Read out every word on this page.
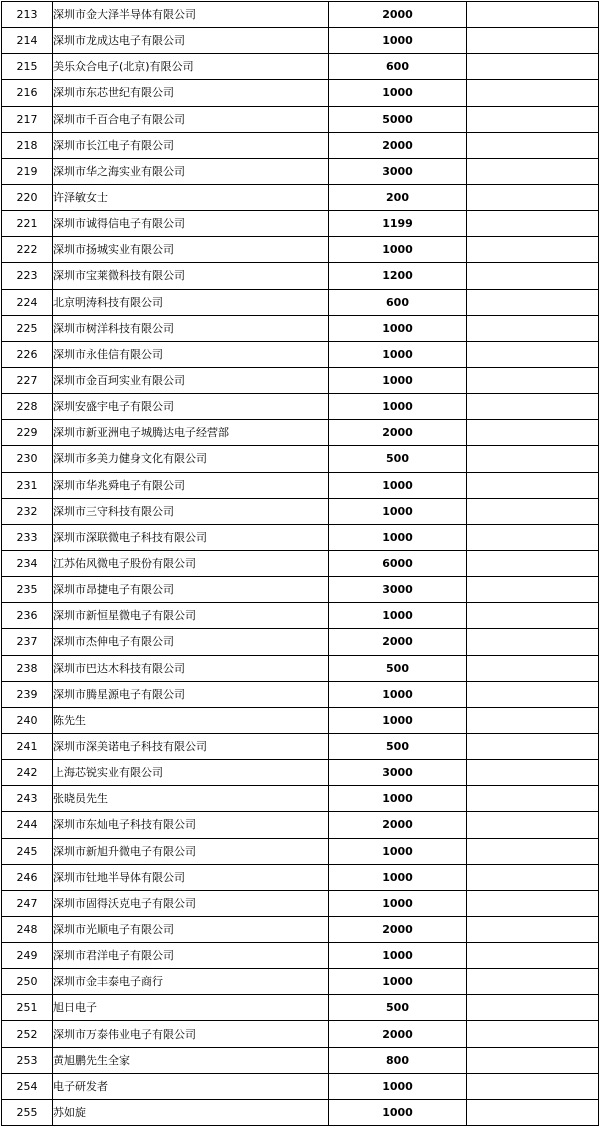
213	深圳市金大泽半导体有限公司	2000	
214	深圳市龙成达电子有限公司	1000	
215	美乐众合电子(北京)有限公司	600	
216	深圳市东芯世纪有限公司	1000	
217	深圳市千百合电子有限公司	5000	
218	深圳市长江电子有限公司	2000	
219	深圳市华之海实业有限公司	3000	
220	许泽敏女士	200	
221	深圳市诚得信电子有限公司	1199	
222	深圳市扬城实业有限公司	1000	
223	深圳市宝莱微科技有限公司	1200	
224	北京明涛科技有限公司	600	
225	深圳市树洋科技有限公司	1000	
226	深圳市永佳信有限公司	1000	
227	深圳市金百珂实业有限公司	1000	
228	深圳安盛宇电子有限公司	1000	
229	深圳市新亚洲电子城腾达电子经营部	2000	
230	深圳市多美力健身文化有限公司	500	
231	深圳市华兆舜电子有限公司	1000	
232	深圳市三守科技有限公司	1000	
233	深圳市深联微电子科技有限公司	1000	
234	江苏佑风微电子股份有限公司	6000	
235	深圳市昂捷电子有限公司	3000	
236	深圳市新恒星微电子有限公司	1000	
237	深圳市杰伸电子有限公司	2000	
238	深圳市巴达木科技有限公司	500	
239	深圳市腾星源电子有限公司	1000	
240	陈先生	1000	
241	深圳市深美诺电子科技有限公司	500	
242	上海芯锐实业有限公司	3000	
243	张晓员先生	1000	
244	深圳市东灿电子科技有限公司	2000	
245	深圳市新旭升微电子有限公司	1000	
246	深圳市钍地半导体有限公司	1000	
247	深圳市固得沃克电子有限公司	1000	
248	深圳市光顺电子有限公司	2000	
249	深圳市君洋电子有限公司	1000	
250	深圳市金丰泰电子商行	1000	
251	旭日电子	500	
252	深圳市万泰伟业电子有限公司	2000	
253	黄旭鹏先生全家	800	
254	电子研发者	1000	
255	苏如旋	1000	
